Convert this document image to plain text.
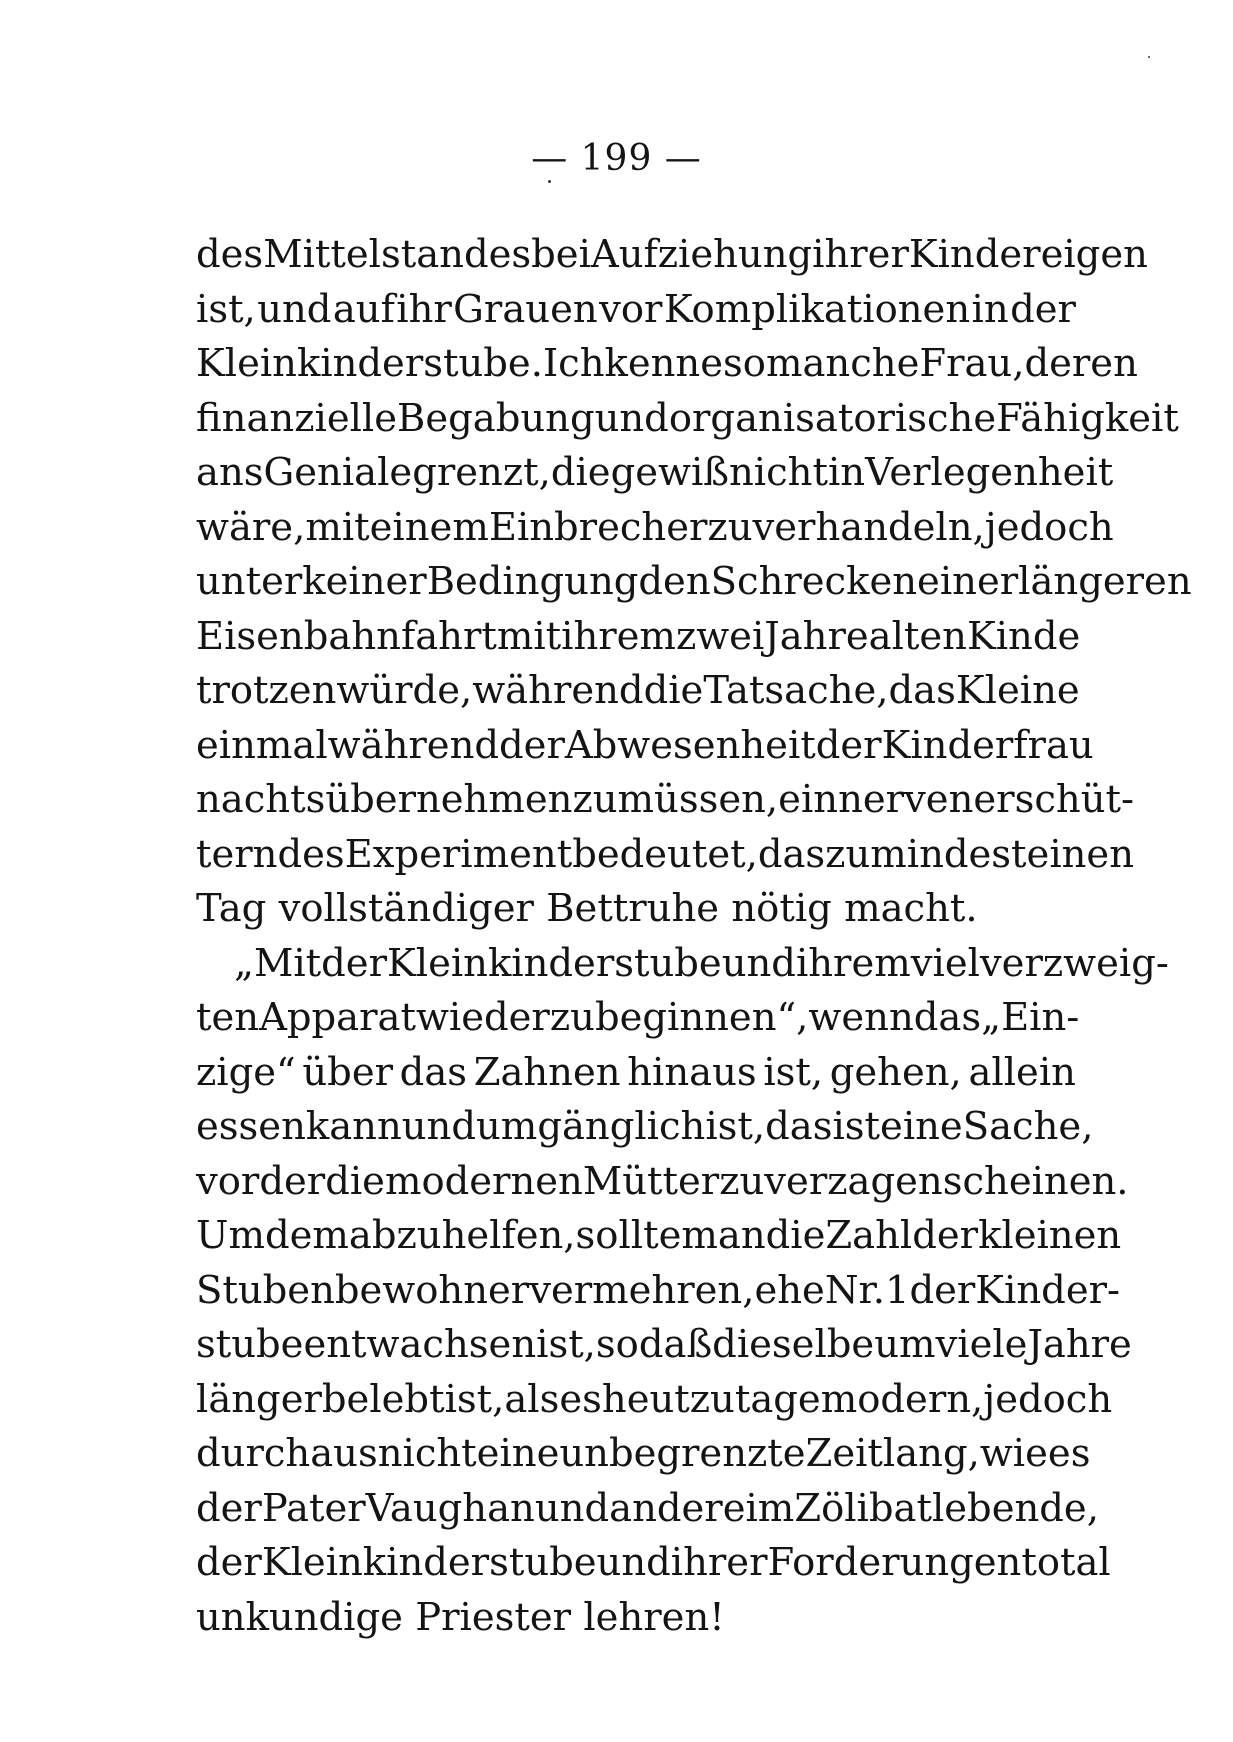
— 199 —
des Mittelstandes bei Aufziehung ihrer Kinder eigen
ist, und auf ihr Grauen vor Komplikationen in der
Kleinkinderstube. Ich kenne so manche Frau, deren
finanzielle Begabung und organisatorische Fähigkeit
ans Geniale grenzt, die gewiß nicht in Verlegenheit
wäre, mit einem Einbrecher zu verhandeln, jedoch
unter keiner Bedingung den Schrecken einer längeren
Eisenbahnfahrt mit ihrem zwei Jahre alten Kinde
trotzen würde, während die Tatsache, das Kleine
einmal während der Abwesenheit der Kinderfrau
nachts übernehmen zu müssen, ein nervenerschüt-
terndes Experiment bedeutet, das zumindest einen
Tag vollständiger Bettruhe nötig macht.
„Mit der Kleinkinderstube und ihrem vielverzweig-
ten Apparat wieder zu beginnen“, wenn das „Ein-
zige“ über das Zahnen hinaus ist, gehen, allein
essen kann und umgänglich ist, das ist eine Sache,
vor der die modernen Mütter zu verzagen scheinen.
Um dem abzuhelfen, sollte man die Zahl der kleinen
Stubenbewohner vermehren, ehe Nr. 1 der Kinder-
stube entwachsen ist, so daß dieselbe um viele Jahre
länger belebt ist, als es heutzutage modern, jedoch
durchaus nicht eine unbegrenzte Zeit lang, wie es
der Pater Vaughan und andere im Zölibat lebende,
der Kleinkinderstube und ihrer Forderungen total
unkundige Priester lehren!
